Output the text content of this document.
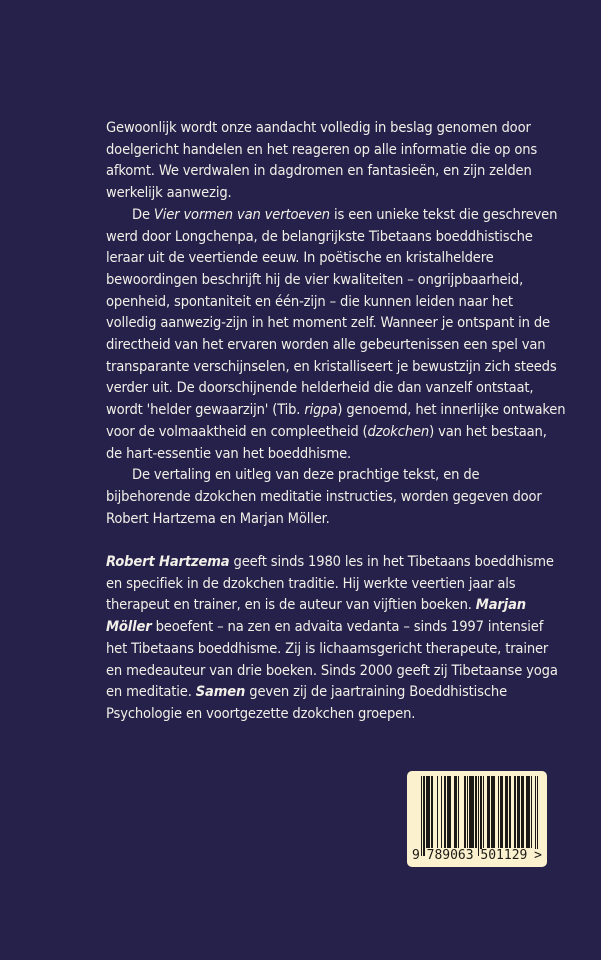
Gewoonlijk wordt onze aandacht volledig in beslag genomen door doelgericht handelen en het reageren op alle informatie die op ons afkomt. We verdwalen in dagdromen en fantasieën, en zijn zelden werkelijk aanwezig.

De Vier vormen van vertoeven is een unieke tekst die geschreven werd door Longchenpa, de belangrijkste Tibetaans boeddhistische leraar uit de veertiende eeuw. In poëtische en kristalheldere bewoordingen beschrijft hij de vier kwaliteiten – ongrijpbaarheid, openheid, spontaniteit en één-zijn – die kunnen leiden naar het volledig aanwezig-zijn in het moment zelf. Wanneer je ontspant in de directheid van het ervaren worden alle gebeurtenissen een spel van transparante verschijnselen, en kristalliseert je bewustzijn zich steeds verder uit. De doorschijnende helderheid die dan vanzelf ontstaat, wordt 'helder gewaarzijn' (Tib. rigpa) genoemd, het innerlijke ontwaken voor de volmaaktheid en compleetheid (dzokchen) van het bestaan, de hart-essentie van het boeddhisme.

De vertaling en uitleg van deze prachtige tekst, en de bijbehorende dzokchen meditatie instructies, worden gegeven door Robert Hartzema en Marjan Möller.

Robert Hartzema geeft sinds 1980 les in het Tibetaans boeddhisme en specifiek in de dzokchen traditie. Hij werkte veertien jaar als therapeut en trainer, en is de auteur van vijftien boeken. Marjan Möller beoefent – na zen en advaita vedanta – sinds 1997 intensief het Tibetaans boeddhisme. Zij is lichaamsgericht therapeute, trainer en medeauteur van drie boeken. Sinds 2000 geeft zij Tibetaanse yoga en meditatie. Samen geven zij de jaartraining Boeddhistische Psychologie en voortgezette dzokchen groepen.

9 789063 501129 >
